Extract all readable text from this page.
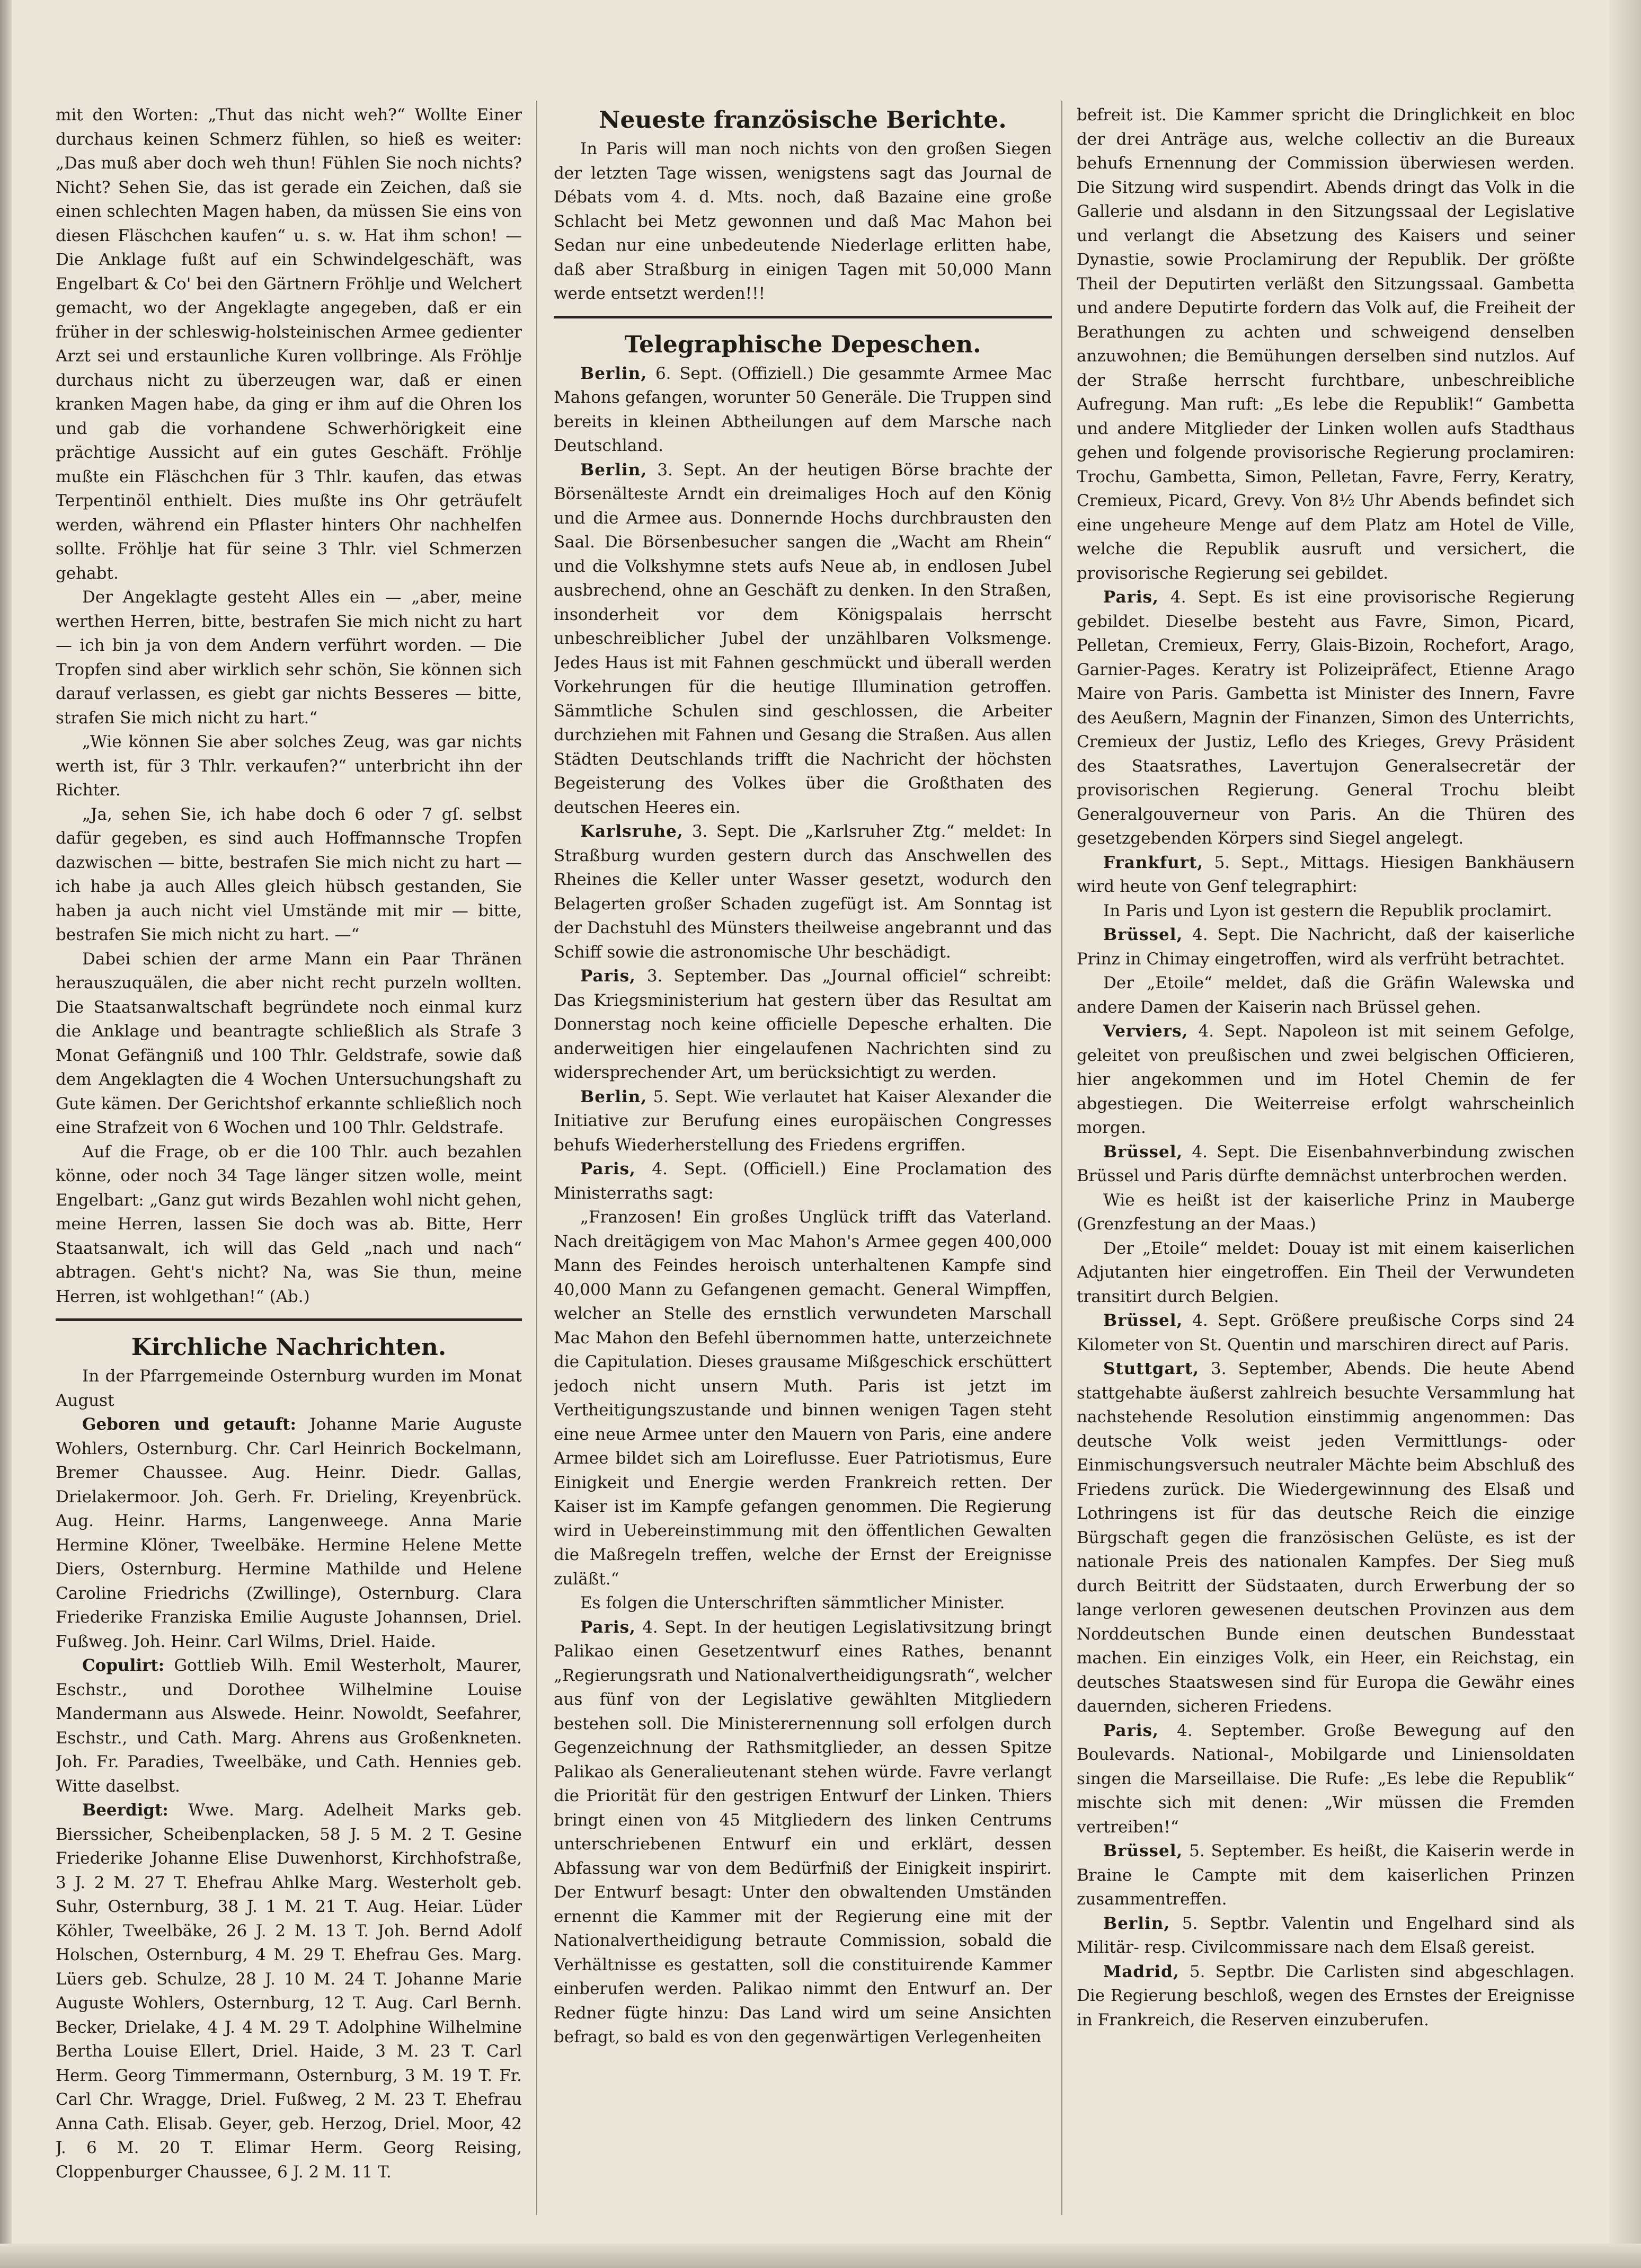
mit den Worten: „Thut das nicht weh?“ Wollte Einer durchaus keinen Schmerz fühlen, so hieß es weiter: „Das muß aber doch weh thun! Fühlen Sie noch nichts? Nicht? Sehen Sie, das ist gerade ein Zeichen, daß sie einen schlechten Magen haben, da müssen Sie eins von diesen Fläschchen kaufen“ u. s. w. Hat ihm schon! — Die Anklage fußt auf ein Schwindelgeschäft, was Engelbart & Co' bei den Gärtnern Fröhlje und Welchert gemacht, wo der Angeklagte angegeben, daß er ein früher in der schleswig-holsteinischen Armee gedienter Arzt sei und erstaunliche Kuren vollbringe. Als Fröhlje durchaus nicht zu überzeugen war, daß er einen kranken Magen habe, da ging er ihm auf die Ohren los und gab die vorhandene Schwerhörigkeit eine prächtige Aussicht auf ein gutes Geschäft. Fröhlje mußte ein Fläschchen für 3 Thlr. kaufen, das etwas Terpentinöl enthielt. Dies mußte ins Ohr geträufelt werden, während ein Pflaster hinters Ohr nachhelfen sollte. Fröhlje hat für seine 3 Thlr. viel Schmerzen gehabt.

Der Angeklagte gesteht Alles ein — „aber, meine werthen Herren, bitte, bestrafen Sie mich nicht zu hart — ich bin ja von dem Andern verführt worden. — Die Tropfen sind aber wirklich sehr schön, Sie können sich darauf verlassen, es giebt gar nichts Besseres — bitte, strafen Sie mich nicht zu hart.“

„Wie können Sie aber solches Zeug, was gar nichts werth ist, für 3 Thlr. verkaufen?“ unterbricht ihn der Richter.

„Ja, sehen Sie, ich habe doch 6 oder 7 gſ. selbst dafür gegeben, es sind auch Hoffmannsche Tropfen dazwischen — bitte, bestrafen Sie mich nicht zu hart — ich habe ja auch Alles gleich hübsch gestanden, Sie haben ja auch nicht viel Umstände mit mir — bitte, bestrafen Sie mich nicht zu hart. —“

Dabei schien der arme Mann ein Paar Thränen herauszuquälen, die aber nicht recht purzeln wollten. Die Staatsanwaltschaft begründete noch einmal kurz die Anklage und beantragte schließlich als Strafe 3 Monat Gefängniß und 100 Thlr. Geldstrafe, sowie daß dem Angeklagten die 4 Wochen Untersuchungshaft zu Gute kämen. Der Gerichtshof erkannte schließlich noch eine Strafzeit von 6 Wochen und 100 Thlr. Geldstrafe.

Auf die Frage, ob er die 100 Thlr. auch bezahlen könne, oder noch 34 Tage länger sitzen wolle, meint Engelbart: „Ganz gut wirds Bezahlen wohl nicht gehen, meine Herren, lassen Sie doch was ab. Bitte, Herr Staatsanwalt, ich will das Geld „nach und nach“ abtragen. Geht's nicht? Na, was Sie thun, meine Herren, ist wohlgethan!“ (Ab.)

Kirchliche Nachrichten.

In der Pfarrgemeinde Osternburg wurden im Monat August

Geboren und getauft: Johanne Marie Auguste Wohlers, Osternburg. Chr. Carl Heinrich Bockelmann, Bremer Chaussee. Aug. Heinr. Diedr. Gallas, Drielakermoor. Joh. Gerh. Fr. Drieling, Kreyenbrück. Aug. Heinr. Harms, Langenweege. Anna Marie Hermine Klöner, Tweelbäke. Hermine Helene Mette Diers, Osternburg. Hermine Mathilde und Helene Caroline Friedrichs (Zwillinge), Osternburg. Clara Friederike Franziska Emilie Auguste Johannsen, Driel. Fußweg. Joh. Heinr. Carl Wilms, Driel. Haide.

Copulirt: Gottlieb Wilh. Emil Westerholt, Maurer, Eschstr., und Dorothee Wilhelmine Louise Mandermann aus Alswede. Heinr. Nowoldt, Seefahrer, Eschstr., und Cath. Marg. Ahrens aus Großenkneten. Joh. Fr. Paradies, Tweelbäke, und Cath. Hennies geb. Witte daselbst.

Beerdigt: Wwe. Marg. Adelheit Marks geb. Bierssicher, Scheibenplacken, 58 J. 5 M. 2 T. Gesine Friederike Johanne Elise Duwenhorst, Kirchhofstraße, 3 J. 2 M. 27 T. Ehefrau Ahlke Marg. Westerholt geb. Suhr, Osternburg, 38 J. 1 M. 21 T. Aug. Heiar. Lüder Köhler, Tweelbäke, 26 J. 2 M. 13 T. Joh. Bernd Adolf Holschen, Osternburg, 4 M. 29 T. Ehefrau Ges. Marg. Lüers geb. Schulze, 28 J. 10 M. 24 T. Johanne Marie Auguste Wohlers, Osternburg, 12 T. Aug. Carl Bernh. Becker, Drielake, 4 J. 4 M. 29 T. Adolphine Wilhelmine Bertha Louise Ellert, Driel. Haide, 3 M. 23 T. Carl Herm. Georg Timmermann, Osternburg, 3 M. 19 T. Fr. Carl Chr. Wragge, Driel. Fußweg, 2 M. 23 T. Ehefrau Anna Cath. Elisab. Geyer, geb. Herzog, Driel. Moor, 42 J. 6 M. 20 T. Elimar Herm. Georg Reising, Cloppenburger Chaussee, 6 J. 2 M. 11 T.

Neueste französische Berichte.

In Paris will man noch nichts von den großen Siegen der letzten Tage wissen, wenigstens sagt das Journal de Débats vom 4. d. Mts. noch, daß Bazaine eine große Schlacht bei Metz gewonnen und daß Mac Mahon bei Sedan nur eine unbedeutende Niederlage erlitten habe, daß aber Straßburg in einigen Tagen mit 50,000 Mann werde entsetzt werden!!!

Telegraphische Depeschen.

Berlin, 6. Sept. (Offiziell.) Die gesammte Armee Mac Mahons gefangen, worunter 50 Generäle. Die Truppen sind bereits in kleinen Abtheilungen auf dem Marsche nach Deutschland.

Berlin, 3. Sept. An der heutigen Börse brachte der Börsenälteste Arndt ein dreimaliges Hoch auf den König und die Armee aus. Donnernde Hochs durchbrausten den Saal. Die Börsenbesucher sangen die „Wacht am Rhein“ und die Volkshymne stets aufs Neue ab, in endlosen Jubel ausbrechend, ohne an Geschäft zu denken. In den Straßen, insonderheit vor dem Königspalais herrscht unbeschreiblicher Jubel der unzählbaren Volksmenge. Jedes Haus ist mit Fahnen geschmückt und überall werden Vorkehrungen für die heutige Illumination getroffen. Sämmtliche Schulen sind geschlossen, die Arbeiter durchziehen mit Fahnen und Gesang die Straßen. Aus allen Städten Deutschlands trifft die Nachricht der höchsten Begeisterung des Volkes über die Großthaten des deutschen Heeres ein.

Karlsruhe, 3. Sept. Die „Karlsruher Ztg.“ meldet: In Straßburg wurden gestern durch das Anschwellen des Rheines die Keller unter Wasser gesetzt, wodurch den Belagerten großer Schaden zugefügt ist. Am Sonntag ist der Dachstuhl des Münsters theilweise angebrannt und das Schiff sowie die astronomische Uhr beschädigt.

Paris, 3. September. Das „Journal officiel“ schreibt: Das Kriegsministerium hat gestern über das Resultat am Donnerstag noch keine officielle Depesche erhalten. Die anderweitigen hier eingelaufenen Nachrichten sind zu widersprechender Art, um berücksichtigt zu werden.

Berlin, 5. Sept. Wie verlautet hat Kaiser Alexander die Initiative zur Berufung eines europäischen Congresses behufs Wiederherstellung des Friedens ergriffen.

Paris, 4. Sept. (Officiell.) Eine Proclamation des Ministerraths sagt:

„Franzosen! Ein großes Unglück trifft das Vaterland. Nach dreitägigem von Mac Mahon's Armee gegen 400,000 Mann des Feindes heroisch unterhaltenen Kampfe sind 40,000 Mann zu Gefangenen gemacht. General Wimpffen, welcher an Stelle des ernstlich verwundeten Marschall Mac Mahon den Befehl übernommen hatte, unterzeichnete die Capitulation. Dieses grausame Mißgeschick erschüttert jedoch nicht unsern Muth. Paris ist jetzt im Vertheitigungszustande und binnen wenigen Tagen steht eine neue Armee unter den Mauern von Paris, eine andere Armee bildet sich am Loireflusse. Euer Patriotismus, Eure Einigkeit und Energie werden Frankreich retten. Der Kaiser ist im Kampfe gefangen genommen. Die Regierung wird in Uebereinstimmung mit den öffentlichen Gewalten die Maßregeln treffen, welche der Ernst der Ereignisse zuläßt.“

Es folgen die Unterschriften sämmtlicher Minister.

Paris, 4. Sept. In der heutigen Legislativsitzung bringt Palikao einen Gesetzentwurf eines Rathes, benannt „Regierungsrath und Nationalvertheidigungsrath“, welcher aus fünf von der Legislative gewählten Mitgliedern bestehen soll. Die Ministerernennung soll erfolgen durch Gegenzeichnung der Rathsmitglieder, an dessen Spitze Palikao als Generalieutenant stehen würde. Favre verlangt die Priorität für den gestrigen Entwurf der Linken. Thiers bringt einen von 45 Mitgliedern des linken Centrums unterschriebenen Entwurf ein und erklärt, dessen Abfassung war von dem Bedürfniß der Einigkeit inspirirt. Der Entwurf besagt: Unter den obwaltenden Umständen ernennt die Kammer mit der Regierung eine mit der Nationalvertheidigung betraute Commission, sobald die Verhältnisse es gestatten, soll die constituirende Kammer einberufen werden. Palikao nimmt den Entwurf an. Der Redner fügte hinzu: Das Land wird um seine Ansichten befragt, so bald es von den gegenwärtigen Verlegenheiten

befreit ist. Die Kammer spricht die Dringlichkeit en bloc der drei Anträge aus, welche collectiv an die Bureaux behufs Ernennung der Commission überwiesen werden. Die Sitzung wird suspendirt. Abends dringt das Volk in die Gallerie und alsdann in den Sitzungssaal der Legislative und verlangt die Absetzung des Kaisers und seiner Dynastie, sowie Proclamirung der Republik. Der größte Theil der Deputirten verläßt den Sitzungssaal. Gambetta und andere Deputirte fordern das Volk auf, die Freiheit der Berathungen zu achten und schweigend denselben anzuwohnen; die Bemühungen derselben sind nutzlos. Auf der Straße herrscht furchtbare, unbeschreibliche Aufregung. Man ruft: „Es lebe die Republik!“ Gambetta und andere Mitglieder der Linken wollen aufs Stadthaus gehen und folgende provisorische Regierung proclamiren: Trochu, Gambetta, Simon, Pelletan, Favre, Ferry, Keratry, Cremieux, Picard, Grevy. Von 8½ Uhr Abends befindet sich eine ungeheure Menge auf dem Platz am Hotel de Ville, welche die Republik ausruft und versichert, die provisorische Regierung sei gebildet.

Paris, 4. Sept. Es ist eine provisorische Regierung gebildet. Dieselbe besteht aus Favre, Simon, Picard, Pelletan, Cremieux, Ferry, Glais-Bizoin, Rochefort, Arago, Garnier-Pages. Keratry ist Polizeipräfect, Etienne Arago Maire von Paris. Gambetta ist Minister des Innern, Favre des Aeußern, Magnin der Finanzen, Simon des Unterrichts, Cremieux der Justiz, Leflo des Krieges, Grevy Präsident des Staatsrathes, Lavertujon Generalsecretär der provisorischen Regierung. General Trochu bleibt Generalgouverneur von Paris. An die Thüren des gesetzgebenden Körpers sind Siegel angelegt.

Frankfurt, 5. Sept., Mittags. Hiesigen Bankhäusern wird heute von Genf telegraphirt:

In Paris und Lyon ist gestern die Republik proclamirt.

Brüssel, 4. Sept. Die Nachricht, daß der kaiserliche Prinz in Chimay eingetroffen, wird als verfrüht betrachtet.

Der „Etoile“ meldet, daß die Gräfin Walewska und andere Damen der Kaiserin nach Brüssel gehen.

Verviers, 4. Sept. Napoleon ist mit seinem Gefolge, geleitet von preußischen und zwei belgischen Officieren, hier angekommen und im Hotel Chemin de fer abgestiegen. Die Weiterreise erfolgt wahrscheinlich morgen.

Brüssel, 4. Sept. Die Eisenbahnverbindung zwischen Brüssel und Paris dürfte demnächst unterbrochen werden.

Wie es heißt ist der kaiserliche Prinz in Mauberge (Grenzfestung an der Maas.)

Der „Etoile“ meldet: Douay ist mit einem kaiserlichen Adjutanten hier eingetroffen. Ein Theil der Verwundeten transitirt durch Belgien.

Brüssel, 4. Sept. Größere preußische Corps sind 24 Kilometer von St. Quentin und marschiren direct auf Paris.

Stuttgart, 3. September, Abends. Die heute Abend stattgehabte äußerst zahlreich besuchte Versammlung hat nachstehende Resolution einstimmig angenommen: Das deutsche Volk weist jeden Vermittlungs- oder Einmischungsversuch neutraler Mächte beim Abschluß des Friedens zurück. Die Wiedergewinnung des Elsaß und Lothringens ist für das deutsche Reich die einzige Bürgschaft gegen die französischen Gelüste, es ist der nationale Preis des nationalen Kampfes. Der Sieg muß durch Beitritt der Südstaaten, durch Erwerbung der so lange verloren gewesenen deutschen Provinzen aus dem Norddeutschen Bunde einen deutschen Bundesstaat machen. Ein einziges Volk, ein Heer, ein Reichstag, ein deutsches Staatswesen sind für Europa die Gewähr eines dauernden, sicheren Friedens.

Paris, 4. September. Große Bewegung auf den Boulevards. National-, Mobilgarde und Liniensoldaten singen die Marseillaise. Die Rufe: „Es lebe die Republik“ mischte sich mit denen: „Wir müssen die Fremden vertreiben!“

Brüssel, 5. September. Es heißt, die Kaiserin werde in Braine le Campte mit dem kaiserlichen Prinzen zusammentreffen.

Berlin, 5. Septbr. Valentin und Engelhard sind als Militär- resp. Civilcommissare nach dem Elsaß gereist.

Madrid, 5. Septbr. Die Carlisten sind abgeschlagen. Die Regierung beschloß, wegen des Ernstes der Ereignisse in Frankreich, die Reserven einzuberufen.
